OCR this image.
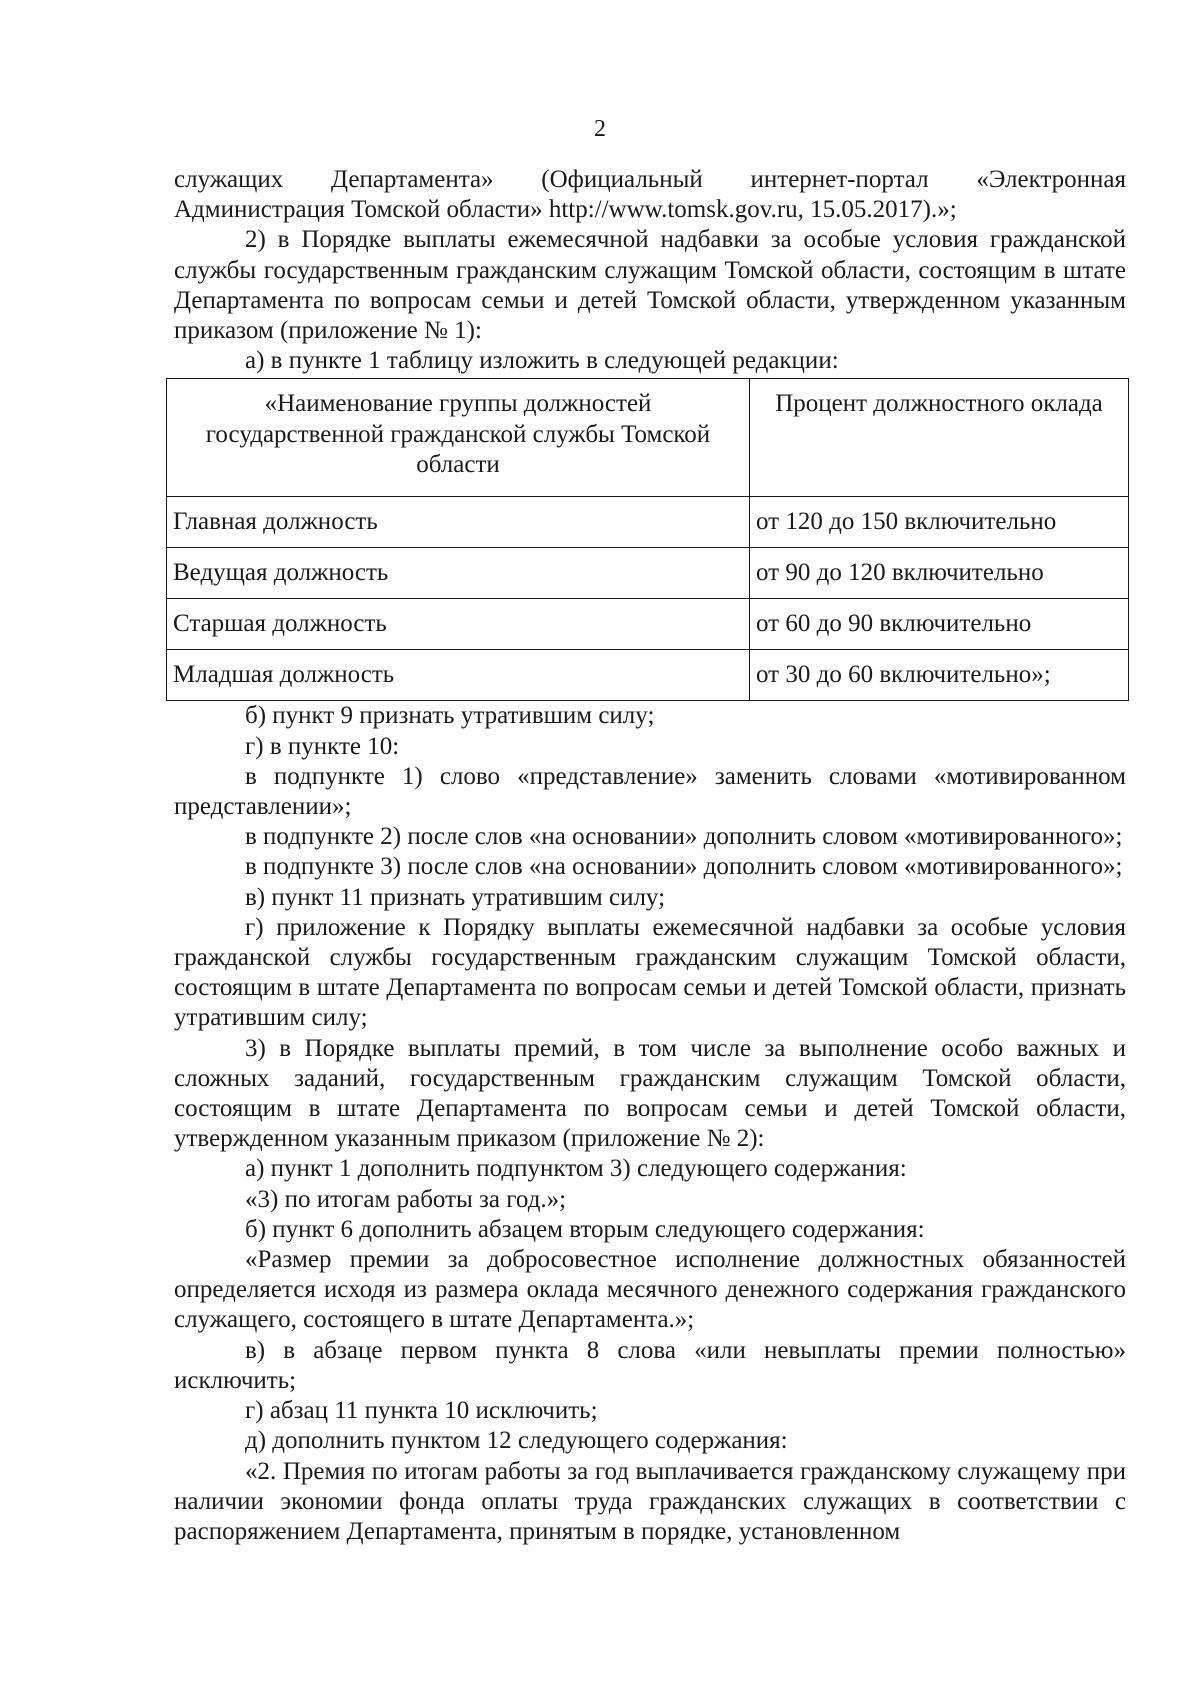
2

служащих Департамента» (Официальный интернет-портал «Электронная Администрация Томской области» http://www.tomsk.gov.ru, 15.05.2017).»;

2) в Порядке выплаты ежемесячной надбавки за особые условия гражданской службы государственным гражданским служащим Томской области, состоящим в штате Департамента по вопросам семьи и детей Томской области, утвержденном указанным приказом (приложение № 1):

а) в пункте 1 таблицу изложить в следующей редакции:

«Наименование группы должностей государственной гражданской службы Томской области	Процент должностного оклада
Главная должность	от 120 до 150 включительно
Ведущая должность	от 90 до 120 включительно
Старшая должность	от 60 до 90 включительно
Младшая должность	от 30 до 60 включительно»;

б) пункт 9 признать утратившим силу;

г) в пункте 10:

в подпункте 1) слово «представление» заменить словами «мотивированном представлении»;

в подпункте 2) после слов «на основании» дополнить словом «мотивированного»;

в подпункте 3) после слов «на основании» дополнить словом «мотивированного»;

в) пункт 11 признать утратившим силу;

г) приложение к Порядку выплаты ежемесячной надбавки за особые условия гражданской службы государственным гражданским служащим Томской области, состоящим в штате Департамента по вопросам семьи и детей Томской области, признать утратившим силу;

3) в Порядке выплаты премий, в том числе за выполнение особо важных и сложных заданий, государственным гражданским служащим Томской области, состоящим в штате Департамента по вопросам семьи и детей Томской области, утвержденном указанным приказом (приложение № 2):

а) пункт 1 дополнить подпунктом 3) следующего содержания:

«3) по итогам работы за год.»;

б) пункт 6 дополнить абзацем вторым следующего содержания:

«Размер премии за добросовестное исполнение должностных обязанностей определяется исходя из размера оклада месячного денежного содержания гражданского служащего, состоящего в штате Департамента.»;

в) в абзаце первом пункта 8 слова «или невыплаты премии полностью» исключить;

г) абзац 11 пункта 10 исключить;

д) дополнить пунктом 12 следующего содержания:

«2. Премия по итогам работы за год выплачивается гражданскому служащему при наличии экономии фонда оплаты труда гражданских служащих в соответствии с распоряжением Департамента, принятым в порядке, установленном
